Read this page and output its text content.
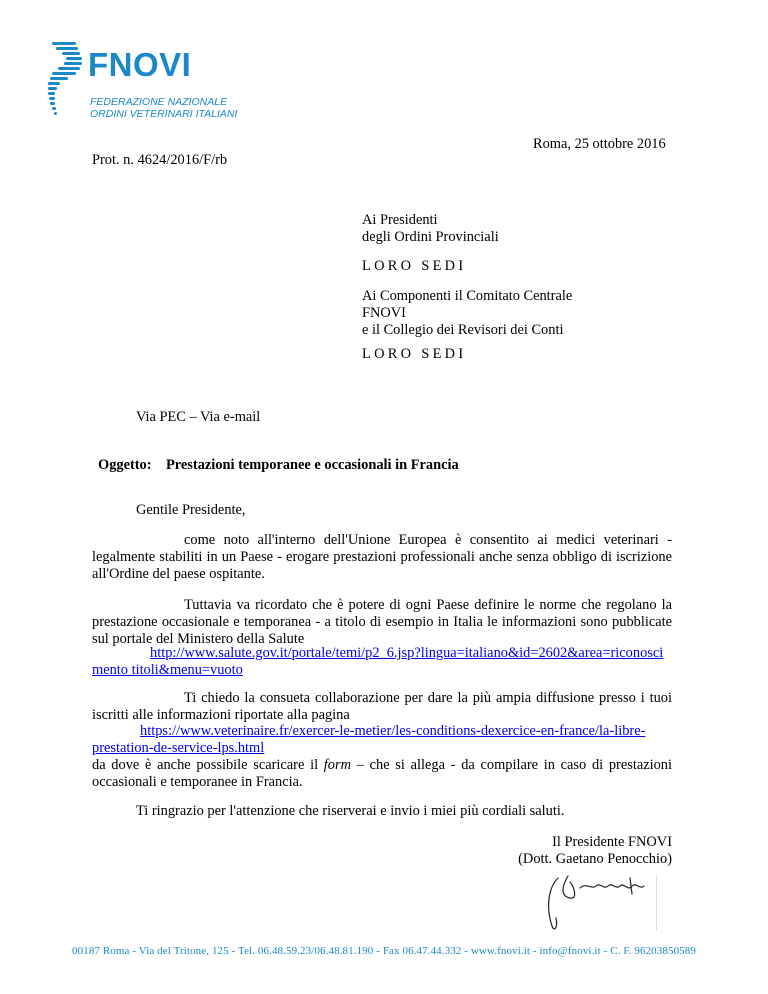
FNOVI
FEDERAZIONE NAZIONALE
ORDINI VETERINARI ITALIANI
Roma, 25 ottobre 2016
Prot. n. 4624/2016/F/rb
Ai Presidenti
degli Ordini Provinciali
LORO SEDI
Ai Componenti il Comitato Centrale
FNOVI
e il Collegio dei Revisori dei Conti
LORO SEDI
Via PEC – Via e-mail
Oggetto: Prestazioni temporanee e occasionali in Francia
Gentile Presidente,
come noto all'interno dell'Unione Europea è consentito ai medici veterinari - legalmente stabiliti in un Paese - erogare prestazioni professionali anche senza obbligo di iscrizione all'Ordine del paese ospitante.
Tuttavia va ricordato che è potere di ogni Paese definire le norme che regolano la prestazione occasionale e temporanea - a titolo di esempio in Italia le informazioni sono pubblicate sul portale del Ministero della Salute
http://www.salute.gov.it/portale/temi/p2_6.jsp?lingua=italiano&id=2602&area=riconosci
mento titoli&menu=vuoto
Ti chiedo la consueta collaborazione per dare la più ampia diffusione presso i tuoi iscritti alle informazioni riportate alla pagina
https://www.veterinaire.fr/exercer-le-metier/les-conditions-dexercice-en-france/la-libre-
prestation-de-service-lps.html
da dove è anche possibile scaricare il form – che si allega - da compilare in caso di prestazioni occasionali e temporanee in Francia.
Ti ringrazio per l'attenzione che riserverai e invio i miei più cordiali saluti.
Il Presidente FNOVI
(Dott. Gaetano Penocchio)
00187 Roma - Via del Tritone, 125 - Tel. 06.48.59.23/06.48.81.190 - Fax 06.47.44.332 - www.fnovi.it - info@fnovi.it - C. F. 96203850589
